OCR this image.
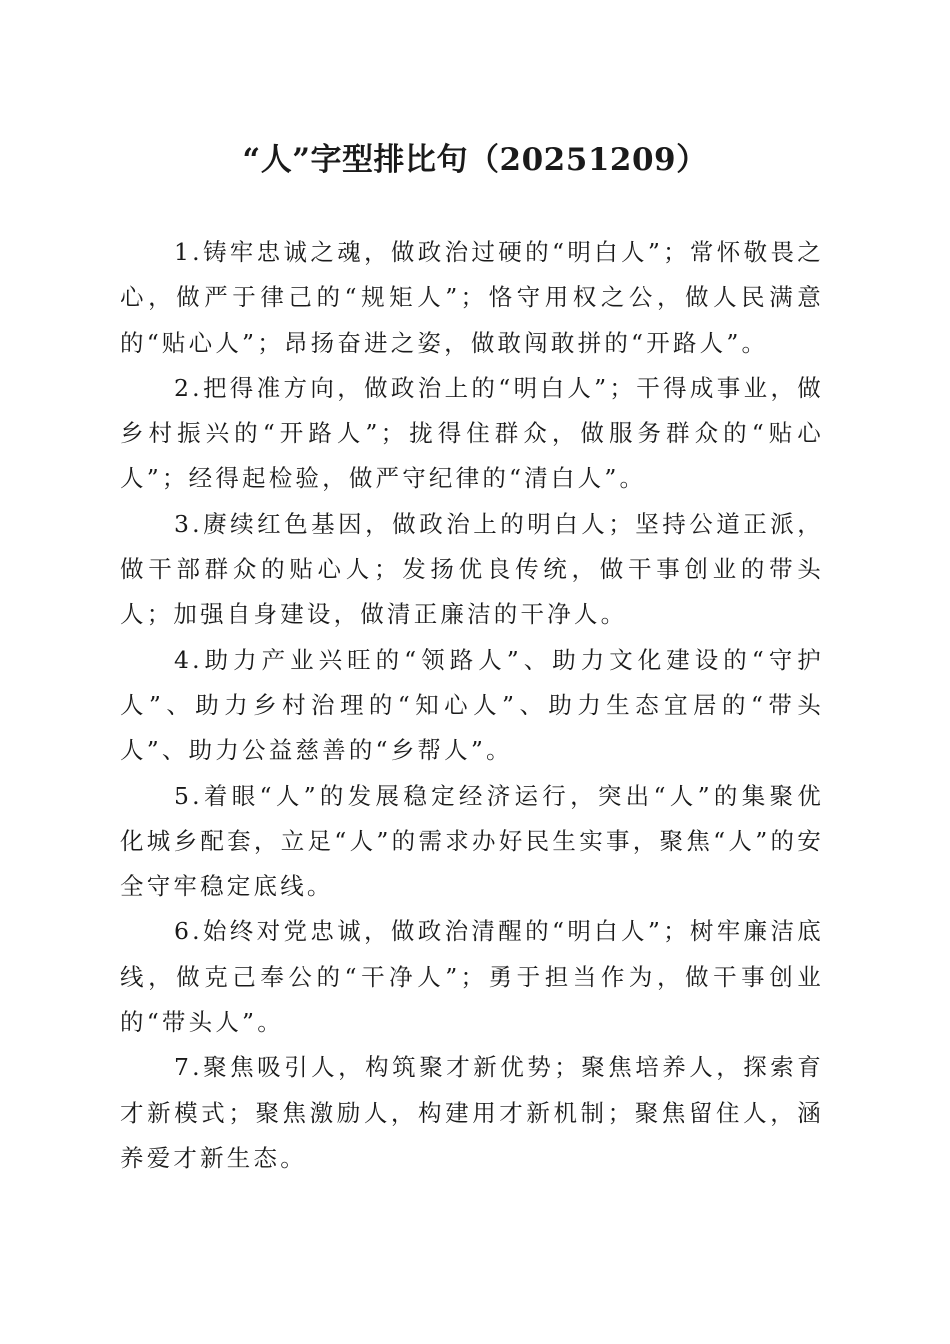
“人”字型排比句（20251209）

1.铸牢忠诚之魂，做政治过硬的“明白人”；常怀敬畏之心，做严于律己的“规矩人”；恪守用权之公，做人民满意的“贴心人”；昂扬奋进之姿，做敢闯敢拼的“开路人”。

2.把得准方向，做政治上的“明白人”；干得成事业，做乡村振兴的“开路人”；拢得住群众，做服务群众的“贴心人”；经得起检验，做严守纪律的“清白人”。

3.赓续红色基因，做政治上的明白人；坚持公道正派，做干部群众的贴心人；发扬优良传统，做干事创业的带头人；加强自身建设，做清正廉洁的干净人。

4.助力产业兴旺的“领路人”、助力文化建设的“守护人”、助力乡村治理的“知心人”、助力生态宜居的“带头人”、助力公益慈善的“乡帮人”。

5.着眼“人”的发展稳定经济运行，突出“人”的集聚优化城乡配套，立足“人”的需求办好民生实事，聚焦“人”的安全守牢稳定底线。

6.始终对党忠诚，做政治清醒的“明白人”；树牢廉洁底线，做克己奉公的“干净人”；勇于担当作为，做干事创业的“带头人”。

7.聚焦吸引人，构筑聚才新优势；聚焦培养人，探索育才新模式；聚焦激励人，构建用才新机制；聚焦留住人，涵养爱才新生态。
